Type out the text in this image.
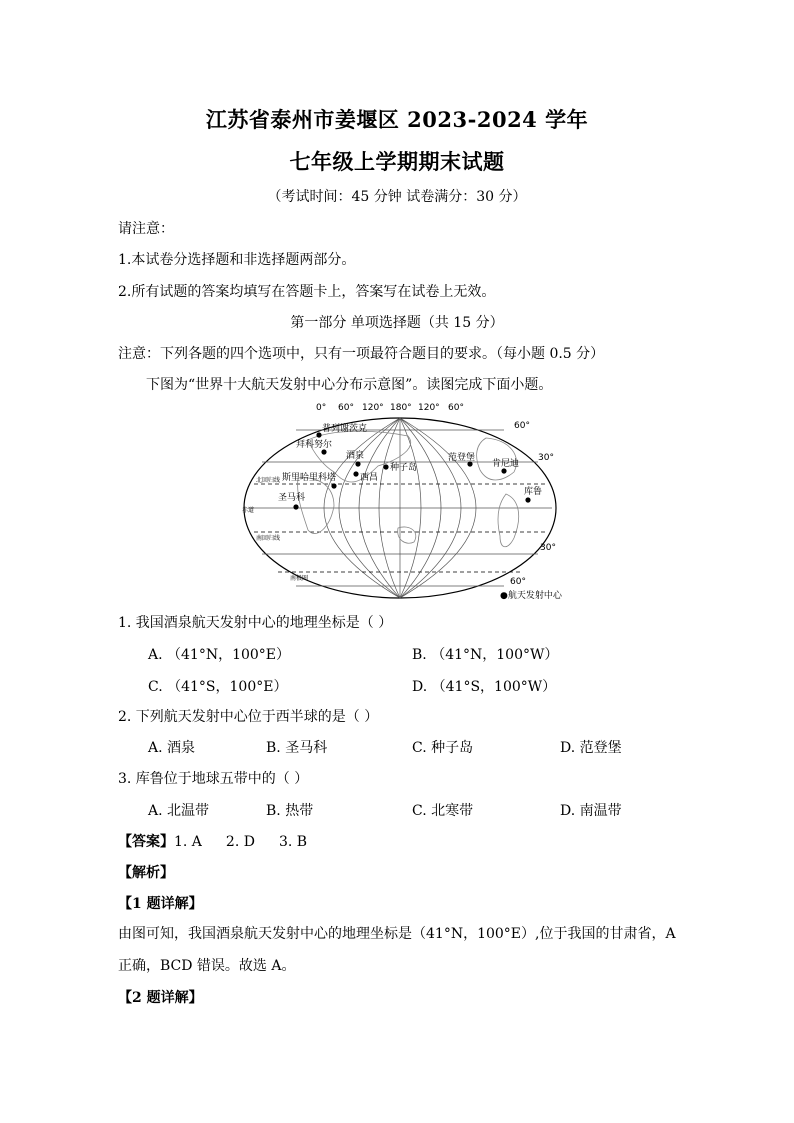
江苏省泰州市姜堰区 2023-2024 学年
七年级上学期期末试题
（考试时间：45 分钟 试卷满分：30 分）
请注意：
1.本试卷分选择题和非选择题两部分。
2.所有试题的答案均填写在答题卡上，答案写在试卷上无效。
第一部分 单项选择题（共 15 分）
注意：下列各题的四个选项中，只有一项最符合题目的要求。（每小题 0.5 分）
下图为“世界十大航天发射中心分布示意图”。读图完成下面小题。
0° 60° 120° 180° 120° 60°
60°
30°
30°
60°
赤道
北回归线
南回归线
南极圈
普列谢茨克
拜科努尔
酒泉
种子岛
西昌
斯里哈里科塔
圣马科
范登堡
肯尼迪
库鲁
●航天发射中心
1. 我国酒泉航天发射中心的地理坐标是（ ）
A. （41°N，100°E）	B. （41°N，100°W）
C. （41°S，100°E）	D. （41°S，100°W）
2. 下列航天发射中心位于西半球的是（ ）
A. 酒泉	B. 圣马科	C. 种子岛	D. 范登堡
3. 库鲁位于地球五带中的（ ）
A. 北温带	B. 热带	C. 北寒带	D. 南温带
【答案】1. A 2. D 3. B
【解析】
【1 题详解】
由图可知，我国酒泉航天发射中心的地理坐标是（41°N，100°E）,位于我国的甘肃省，A 正确，BCD 错误。故选 A。
【2 题详解】
